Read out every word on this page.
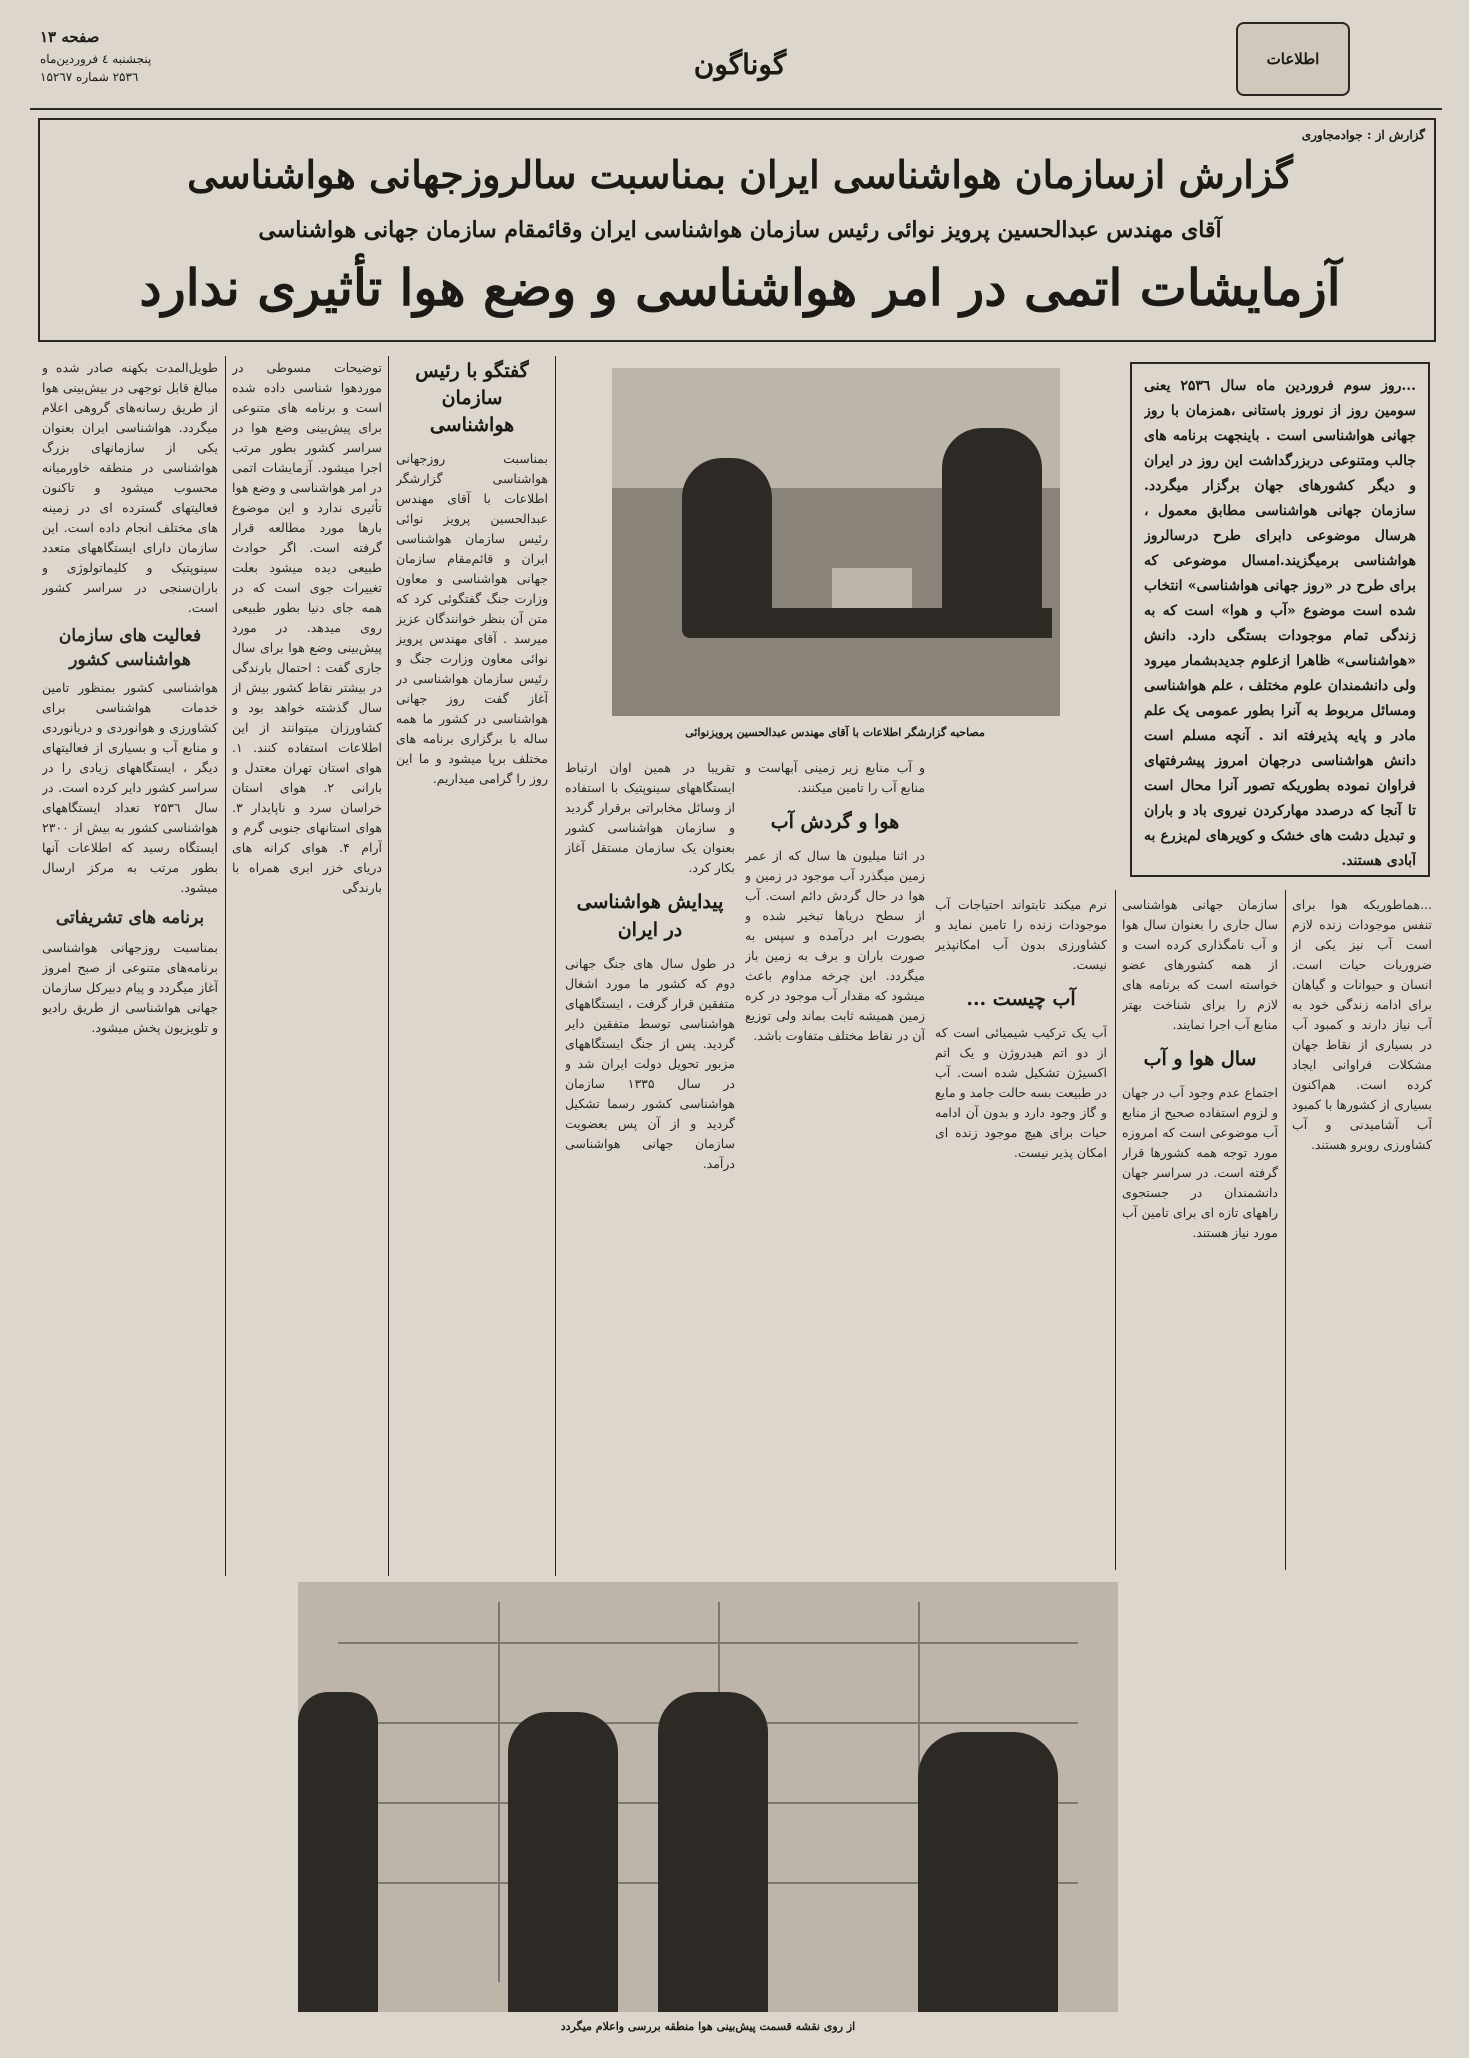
اطلاعات
گوناگون
صفحه ۱۳
پنجشنبه ٤ فروردین‌ماه
۲۵۳٦ شماره ۱۵۲٦۷
گزارش از : جوادمجاوری
گزارش ازسازمان هواشناسی ایران بمناسبت سالروزجهانی هواشناسی
آقای مهندس عبدالحسین پرویز نوائی رئیس سازمان هواشناسی ایران وقائمقام سازمان جهانی هواشناسی
آزمایشات اتمی در امر هواشناسی و وضع هوا تأثیری ندارد
طویل‌المدت بکهنه صادر شده و مبالغ قابل توجهی در بیش‌بینی هوا از طریق رسانه‌های گروهی اعلام میگردد. هواشناسی ایران بعنوان یکی از سازمانهای بزرگ هواشناسی در منطقه خاورمیانه محسوب میشود و تاکنون فعالیتهای گسترده ای در زمینه های مختلف انجام داده است. این سازمان دارای ایستگاههای متعدد سینوپتیک و کلیماتولوژی و باران‌سنجی در سراسر کشور است.
فعالیت های سازمان هواشناسی کشور
هواشناسی کشور بمنظور تامین خدمات هواشناسی برای کشاورزی و هوانوردی و دریانوردی و منابع آب و بسیاری از فعالیتهای دیگر ، ایستگاههای زیادی را در سراسر کشور دایر کرده است. در سال ۲۵۳٦ تعداد ایستگاههای هواشناسی کشور به بیش از ۲۳۰۰ ایستگاه رسید که اطلاعات آنها بطور مرتب به مرکز ارسال میشود.
برنامه های تشریفاتی
بمناسبت روزجهانی هواشناسی برنامه‌های متنوعی از صبح امروز آغاز میگردد و پیام دبیرکل سازمان جهانی هواشناسی از طریق رادیو و تلویزیون پخش میشود.
توضیحات مسوطی در موردهوا شناسی داده شده است و برنامه های متنوعی برای پیش‌بینی وضع هوا در سراسر کشور بطور مرتب اجرا میشود. آزمایشات اتمی در امر هواشناسی و وضع هوا تأثیری ندارد و این موضوع بارها مورد مطالعه قرار گرفته است. اگر حوادث طبیعی دیده میشود بعلت تغییرات جوی است که در همه جای دنیا بطور طبیعی روی میدهد. در مورد پیش‌بینی وضع هوا برای سال جاری گفت : احتمال بارندگی در بیشتر نقاط کشور بیش از سال گذشته خواهد بود و کشاورزان میتوانند از این اطلاعات استفاده کنند. ۱. هوای استان تهران معتدل و بارانی ۲. هوای استان خراسان سرد و ناپایدار ۳. هوای استانهای جنوبی گرم و آرام ۴. هوای کرانه های دریای خزر ابری همراه با بارندگی
گفتگو با رئیس سازمان هواشناسی
بمناسبت روزجهانی هواشناسی گزارشگر اطلاعات با آقای مهندس عبدالحسین پرویز نوائی رئیس سازمان هواشناسی ایران و قائم‌مقام سازمان جهانی هواشناسی و معاون وزارت جنگ گفتگوئی کرد که متن آن بنظر خوانندگان عزیز میرسد . آقای مهندس پرویز نوائی معاون وزارت جنگ و رئیس سازمان هواشناسی در آغاز گفت روز جهانی هواشناسی در کشور ما همه ساله با برگزاری برنامه های مختلف برپا میشود و ما این روز را گرامی میداریم.
مصاحبه گزارشگر اطلاعات با آقای مهندس عبدالحسین پرویزنوائی
...روز سوم فروردین ماه سال ۲۵۳٦ یعنی سومین روز از نوروز باستانی ،همزمان با روز جهانی هواشناسی است . باینجهت برنامه های جالب ومتنوعی دربزرگداشت این روز در ایران و دیگر کشورهای جهان برگزار میگردد. سازمان جهانی هواشناسی مطابق معمول ، هرسال موضوعی دابرای طرح درسالروز هواشناسی برمیگزیند.امسال موضوعی که برای طرح در «روز جهانی هواشناسی» انتخاب شده است موضوع «آب و هوا» است که به زندگی تمام موجودات بستگی دارد. دانش «هواشناسی» ظاهرا ازعلوم جدیدبشمار میرود ولی دانشمندان علوم مختلف ، علم هواشناسی ومسائل مربوط به آنرا بطور عمومی یک علم مادر و پایه پذیرفته اند . آنچه مسلم است دانش هواشناسی درجهان امروز پیشرفتهای فراوان نموده بطوریکه تصور آنرا محال است تا آنجا که درصدد مهارکردن نیروی باد و باران و تبدیل دشت های خشک و کویرهای لم‌یزرع به آبادی هستند.
تقریبا در همین اوان ارتباط ایستگاههای سینوپتیک با استفاده از وسائل مخابراتی برقرار گردید و سازمان هواشناسی کشور بعنوان یک سازمان مستقل آغاز بکار کرد.
پیدایش هواشناسی در ایران
در طول سال های جنگ جهانی دوم که کشور ما مورد اشغال متفقین قرار گرفت ، ایستگاههای هواشناسی توسط متفقین دایر گردید. پس از جنگ ایستگاههای مزبور تحویل دولت ایران شد و در سال ۱۳۳۵ سازمان هواشناسی کشور رسما تشکیل گردید و از آن پس بعضویت سازمان جهانی هواشناسی درآمد.
و آب منابع زیر زمینی آبهاست و منابع آب را تامین میکنند.
هوا و گردش آب
در اثنا میلیون ها سال که از عمر زمین میگذرد آب موجود در زمین و هوا در حال گردش دائم است. آب از سطح دریاها تبخیر شده و بصورت ابر درآمده و سپس به صورت باران و برف به زمین باز میگردد. این چرخه مداوم باعث میشود که مقدار آب موجود در کره زمین همیشه ثابت بماند ولی توزیع آن در نقاط مختلف متفاوت باشد.
نرم میکند تابتواند احتیاجات آب موجودات زنده را تامین نماید و کشاورزی بدون آب امکانپذیر نیست.
آب چیست ...
آب یک ترکیب شیمیائی است که از دو اتم هیدروژن و یک اتم اکسیژن تشکیل شده است. آب در طبیعت بسه حالت جامد و مایع و گاز وجود دارد و بدون آن ادامه حیات برای هیچ موجود زنده ای امکان پذیر نیست.
سازمان جهانی هواشناسی سال جاری را بعنوان سال هوا و آب نامگذاری کرده است و از همه کشورهای عضو خواسته است که برنامه های لازم را برای شناخت بهتر منابع آب اجرا نمایند.
سال هوا و آب
اجتماع عدم وجود آب در جهان و لزوم استفاده صحیح از منابع آب موضوعی است که امروزه مورد توجه همه کشورها قرار گرفته است. در سراسر جهان دانشمندان در جستجوی راههای تازه ای برای تامین آب مورد نیاز هستند.
...هماطوریکه هوا برای تنفس موجودات زنده لازم است آب نیز یکی از ضروریات حیات است. انسان و حیوانات و گیاهان برای ادامه زندگی خود به آب نیاز دارند و کمبود آب در بسیاری از نقاط جهان مشکلات فراوانی ایجاد کرده است. هم‌اکنون بسیاری از کشورها با کمبود آب آشامیدنی و آب کشاورزی روبرو هستند.
از روی نقشه قسمت پیش‌بینی هوا منطقه بررسی واعلام میگردد
